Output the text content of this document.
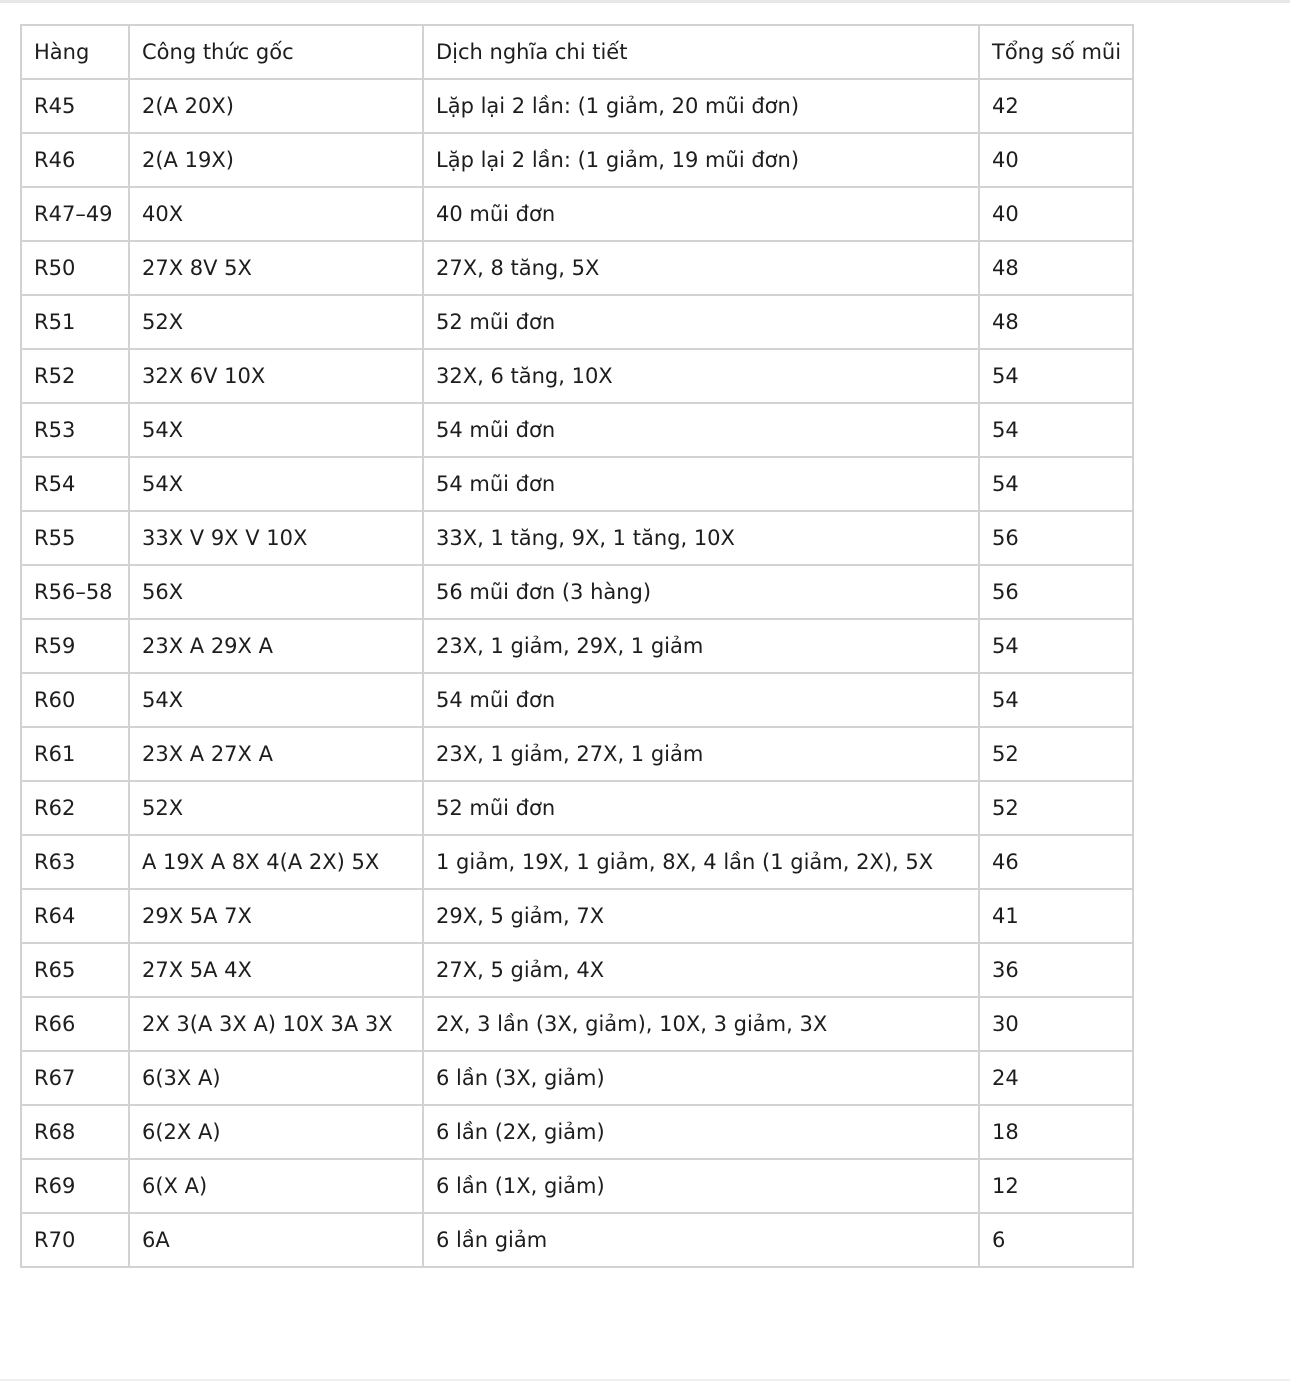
Hàng	Công thức gốc	Dịch nghĩa chi tiết	Tổng số mũi
R45	2(A 20X)	Lặp lại 2 lần: (1 giảm, 20 mũi đơn)	42
R46	2(A 19X)	Lặp lại 2 lần: (1 giảm, 19 mũi đơn)	40
R47–49	40X	40 mũi đơn	40
R50	27X 8V 5X	27X, 8 tăng, 5X	48
R51	52X	52 mũi đơn	48
R52	32X 6V 10X	32X, 6 tăng, 10X	54
R53	54X	54 mũi đơn	54
R54	54X	54 mũi đơn	54
R55	33X V 9X V 10X	33X, 1 tăng, 9X, 1 tăng, 10X	56
R56–58	56X	56 mũi đơn (3 hàng)	56
R59	23X A 29X A	23X, 1 giảm, 29X, 1 giảm	54
R60	54X	54 mũi đơn	54
R61	23X A 27X A	23X, 1 giảm, 27X, 1 giảm	52
R62	52X	52 mũi đơn	52
R63	A 19X A 8X 4(A 2X) 5X	1 giảm, 19X, 1 giảm, 8X, 4 lần (1 giảm, 2X), 5X	46
R64	29X 5A 7X	29X, 5 giảm, 7X	41
R65	27X 5A 4X	27X, 5 giảm, 4X	36
R66	2X 3(A 3X A) 10X 3A 3X	2X, 3 lần (3X, giảm), 10X, 3 giảm, 3X	30
R67	6(3X A)	6 lần (3X, giảm)	24
R68	6(2X A)	6 lần (2X, giảm)	18
R69	6(X A)	6 lần (1X, giảm)	12
R70	6A	6 lần giảm	6
